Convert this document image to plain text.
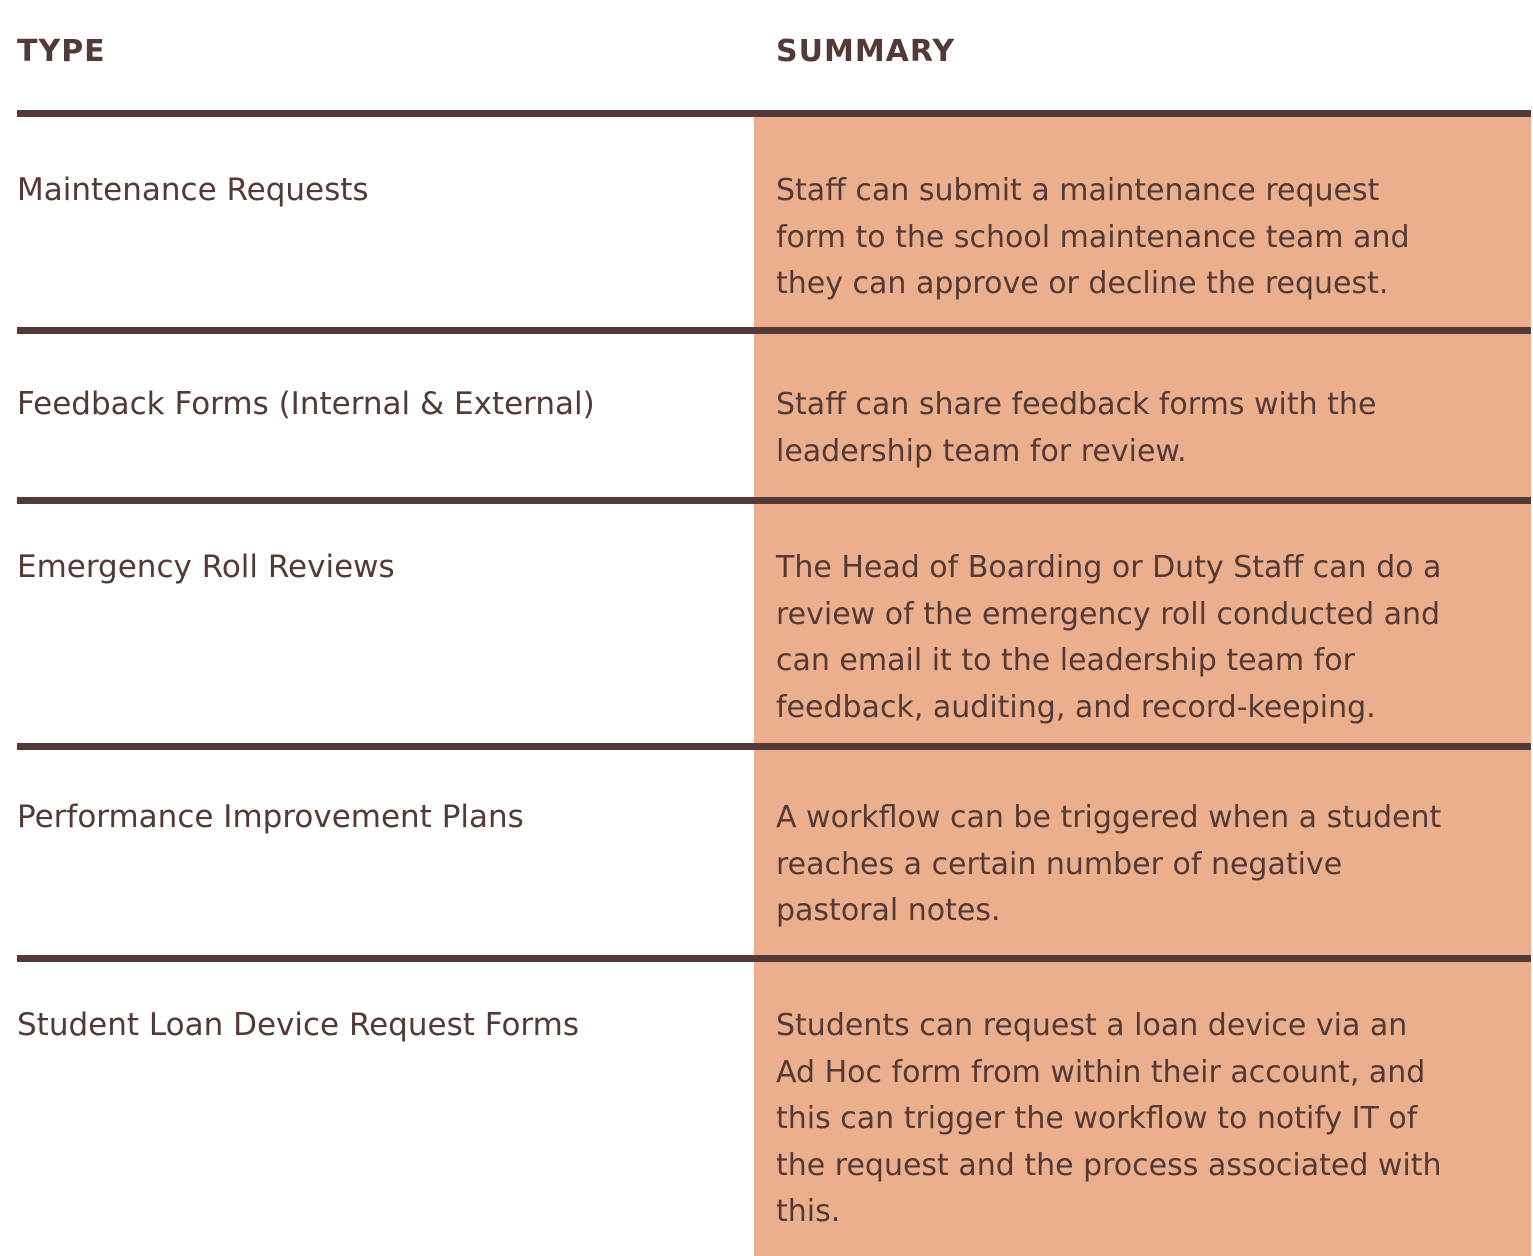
TYPE	SUMMARY
Maintenance Requests	Staff can submit a maintenance request
form to the school maintenance team and
they can approve or decline the request.
Feedback Forms (Internal & External)	Staff can share feedback forms with the
leadership team for review.
Emergency Roll Reviews	The Head of Boarding or Duty Staff can do a
review of the emergency roll conducted and
can email it to the leadership team for
feedback, auditing, and record-keeping.
Performance Improvement Plans	A workflow can be triggered when a student
reaches a certain number of negative
pastoral notes.
Student Loan Device Request Forms	Students can request a loan device via an
Ad Hoc form from within their account, and
this can trigger the workflow to notify IT of
the request and the process associated with
this.
